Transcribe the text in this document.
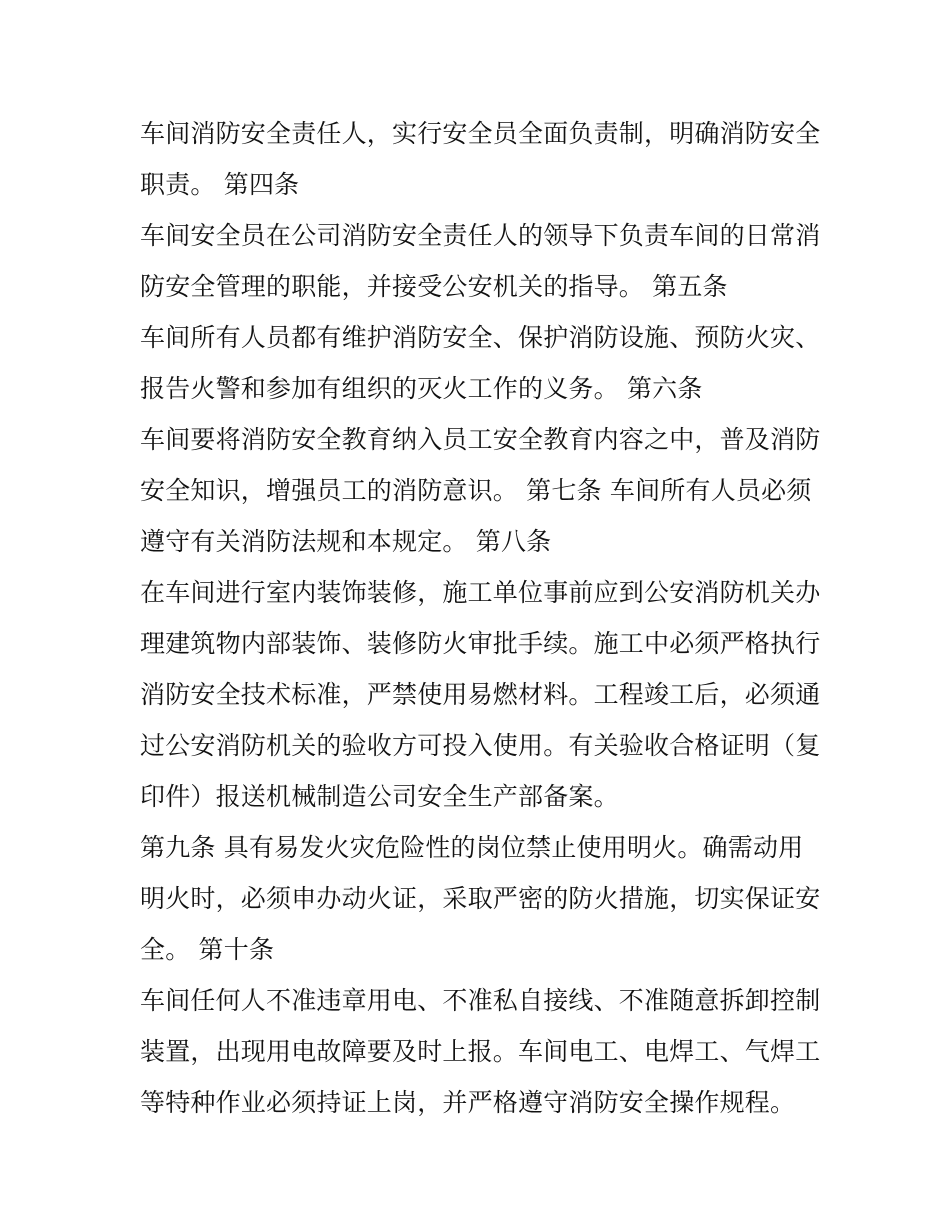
车间消防安全责任人，实行安全员全面负责制，明确消防安全
职责。 第四条
车间安全员在公司消防安全责任人的领导下负责车间的日常消
防安全管理的职能，并接受公安机关的指导。 第五条
车间所有人员都有维护消防安全、保护消防设施、预防火灾、
报告火警和参加有组织的灭火工作的义务。 第六条
车间要将消防安全教育纳入员工安全教育内容之中，普及消防
安全知识，增强员工的消防意识。 第七条 车间所有人员必须
遵守有关消防法规和本规定。 第八条
在车间进行室内装饰装修，施工单位事前应到公安消防机关办
理建筑物内部装饰、装修防火审批手续。施工中必须严格执行
消防安全技术标准，严禁使用易燃材料。工程竣工后，必须通
过公安消防机关的验收方可投入使用。有关验收合格证明（复
印件）报送机械制造公司安全生产部备案。
第九条 具有易发火灾危险性的岗位禁止使用明火。确需动用
明火时，必须申办动火证，采取严密的防火措施，切实保证安
全。 第十条
车间任何人不准违章用电、不准私自接线、不准随意拆卸控制
装置，出现用电故障要及时上报。车间电工、电焊工、气焊工
等特种作业必须持证上岗，并严格遵守消防安全操作规程。
